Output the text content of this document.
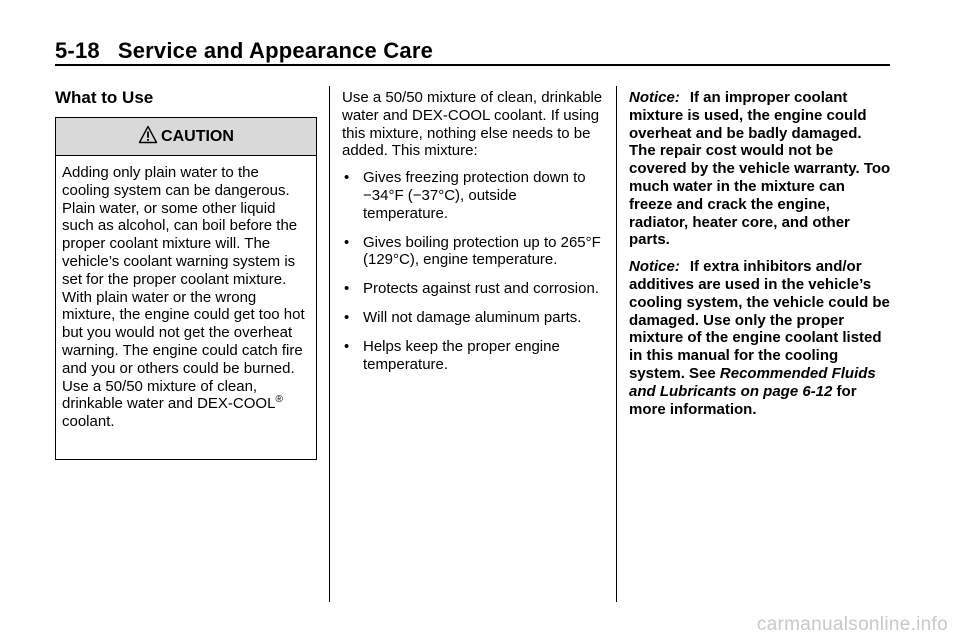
5-18 Service and Appearance Care
What to Use
CAUTION
Adding only plain water to the cooling system can be dangerous. Plain water, or some other liquid such as alcohol, can boil before the proper coolant mixture will. The vehicle’s coolant warning system is set for the proper coolant mixture. With plain water or the wrong mixture, the engine could get too hot but you would not get the overheat warning. The engine could catch fire and you or others could be burned. Use a 50/50 mixture of clean, drinkable water and DEX-COOL® coolant.

Use a 50/50 mixture of clean, drinkable water and DEX-COOL coolant. If using this mixture, nothing else needs to be added. This mixture:

• Gives freezing protection down to −34°F (−37°C), outside temperature.
• Gives boiling protection up to 265°F (129°C), engine temperature.
• Protects against rust and corrosion.
• Will not damage aluminum parts.
• Helps keep the proper engine temperature.

Notice: If an improper coolant mixture is used, the engine could overheat and be badly damaged. The repair cost would not be covered by the vehicle warranty. Too much water in the mixture can freeze and crack the engine, radiator, heater core, and other parts.

Notice: If extra inhibitors and/or additives are used in the vehicle’s cooling system, the vehicle could be damaged. Use only the proper mixture of the engine coolant listed in this manual for the cooling system. See Recommended Fluids and Lubricants on page 6-12 for more information.

carmanualsonline.info
